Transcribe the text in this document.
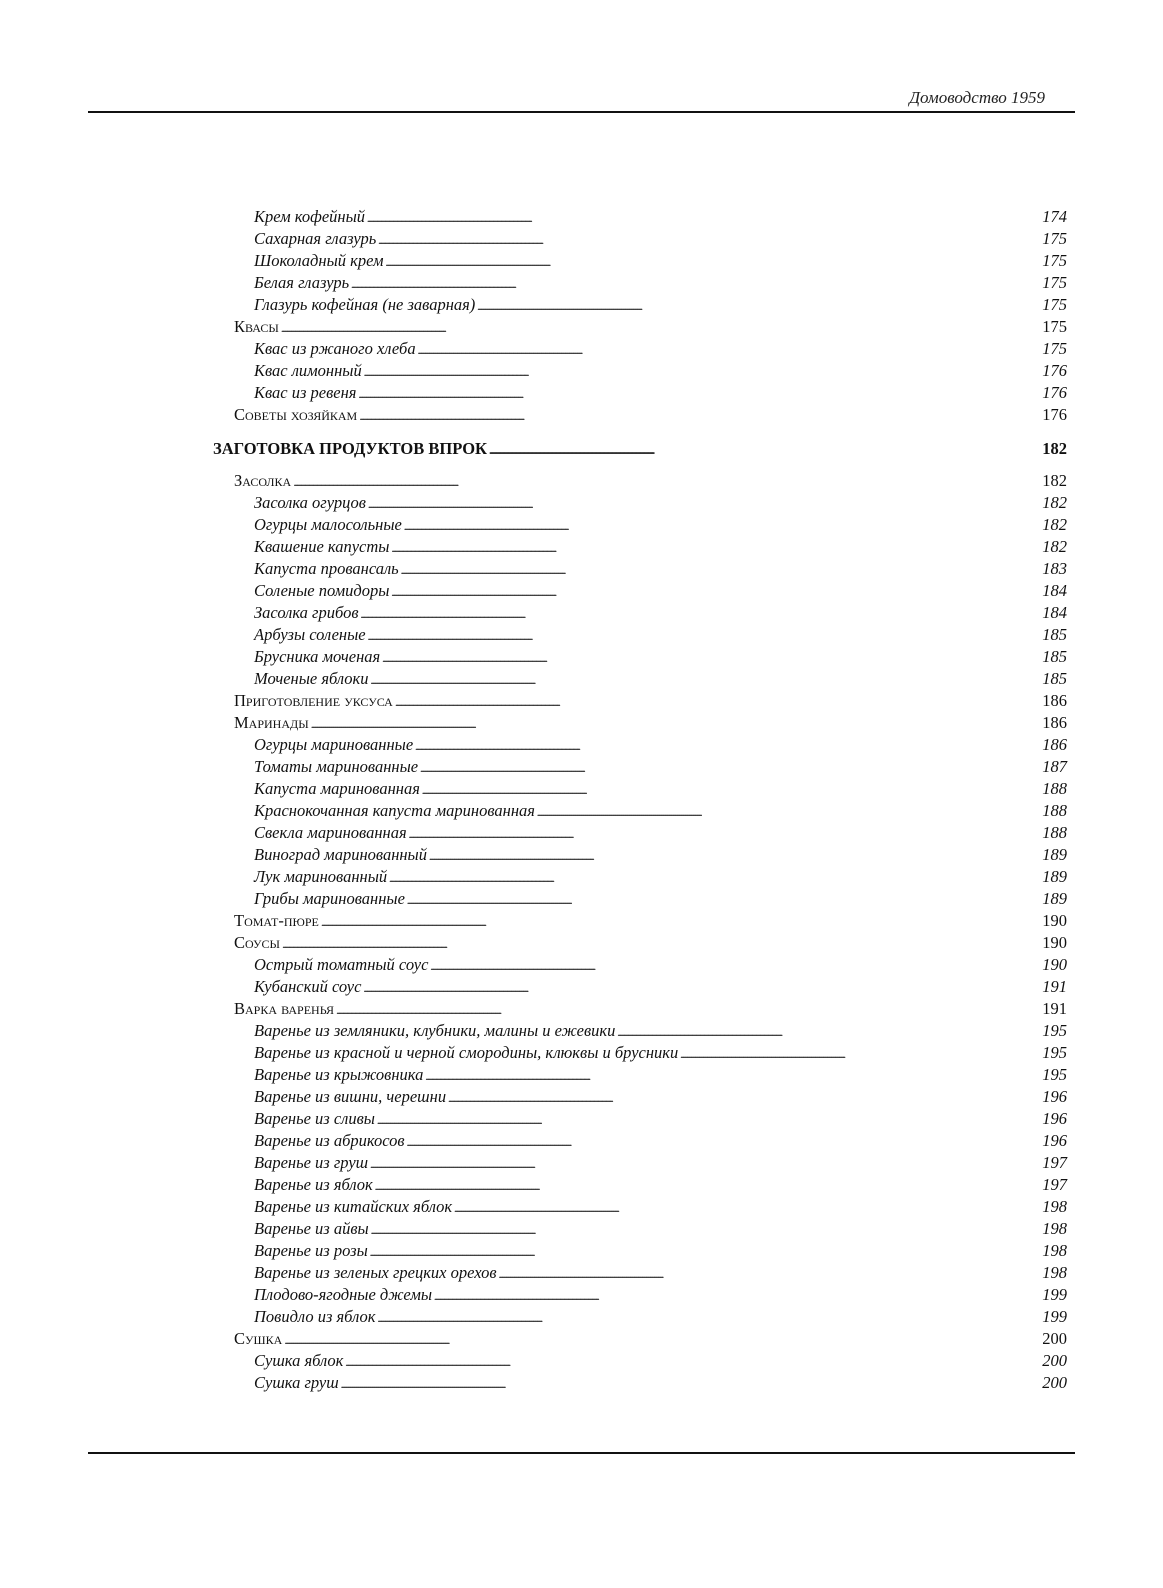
Домоводство 1959
Крем кофейный . . .	174
Сахарная глазурь . . .	175
Шоколадный крем . . .	175
Белая глазурь . . .	175
Глазурь кофейная (не заварная) . . .	175
Квасы . . .	175
Квас из ржаного хлеба . . .	175
Квас лимонный . . .	176
Квас из ревеня . . .	176
Советы хозяйкам . . .	176
ЗАГОТОВКА ПРОДУКТОВ ВПРОК . . .	182
Засолка . . .	182
Засолка огурцов . . .	182
Огурцы малосольные . . .	182
Квашение капусты . . .	182
Капуста провансаль . . .	183
Соленые помидоры . . .	184
Засолка грибов . . .	184
Арбузы соленые . . .	185
Брусника моченая . . .	185
Моченые яблоки . . .	185
Приготовление уксуса . . .	186
Маринады . . .	186
Огурцы маринованные . . .	186
Томаты маринованные . . .	187
Капуста маринованная . . .	188
Краснокочанная капуста маринованная . . .	188
Свекла маринованная . . .	188
Виноград маринованный . . .	189
Лук маринованный . . .	189
Грибы маринованные . . .	189
Томат-пюре . . .	190
Соусы . . .	190
Острый томатный соус . . .	190
Кубанский соус . . .	191
Варка варенья . . .	191
Варенье из земляники, клубники, малины и ежевики . . .	195
Варенье из красной и черной смородины, клюквы и брусники . . .	195
Варенье из крыжовника . . .	195
Варенье из вишни, черешни . . .	196
Варенье из сливы . . .	196
Варенье из абрикосов . . .	196
Варенье из груш . . .	197
Варенье из яблок . . .	197
Варенье из китайских яблок . . .	198
Варенье из айвы . . .	198
Варенье из розы . . .	198
Варенье из зеленых грецких орехов . . .	198
Плодово-ягодные джемы . . .	199
Повидло из яблок . . .	199
Сушка . . .	200
Сушка яблок . . .	200
Сушка груш . . .	200
